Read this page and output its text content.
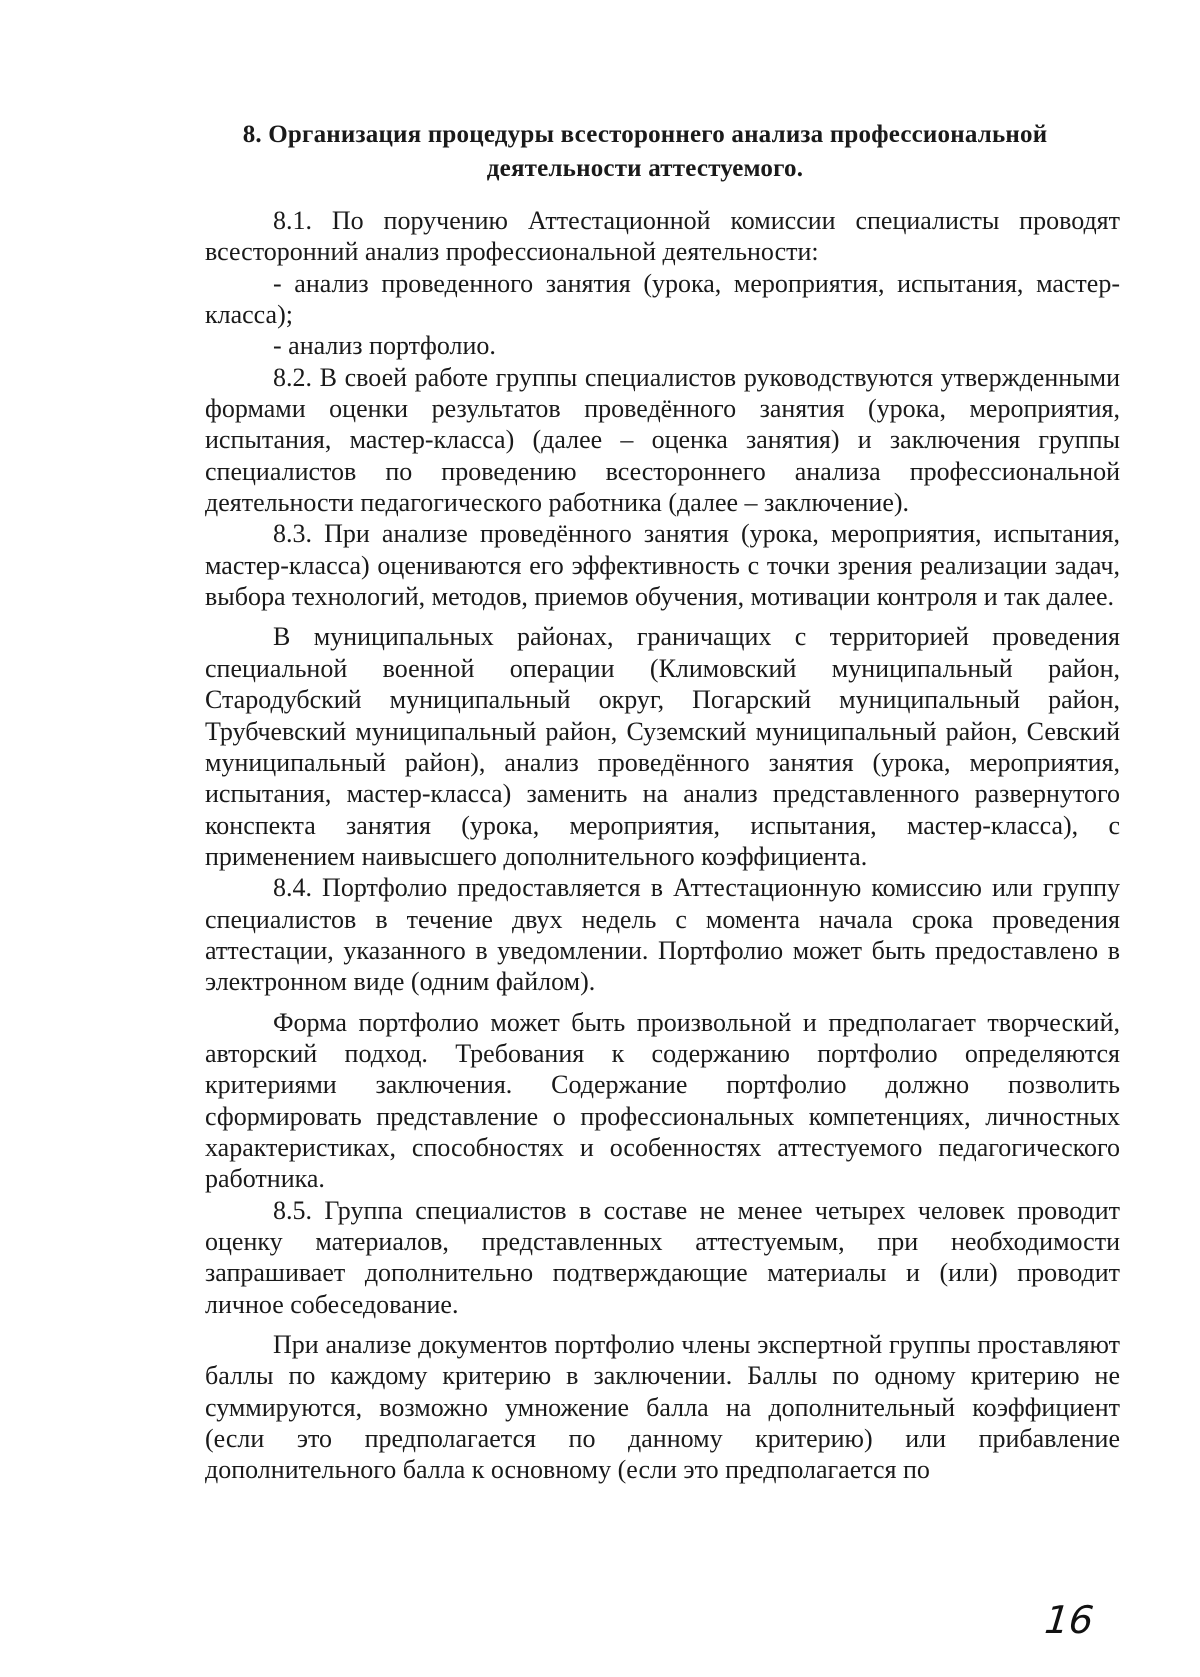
8. Организация процедуры всестороннего анализа профессиональной
деятельности аттестуемого.

8.1. По поручению Аттестационной комиссии специалисты проводят всесторонний анализ профессиональной деятельности:

- анализ проведенного занятия (урока, мероприятия, испытания, мастер-класса);

- анализ портфолио.

8.2. В своей работе группы специалистов руководствуются утвержденными формами оценки результатов проведённого занятия (урока, мероприятия, испытания, мастер-класса) (далее – оценка занятия) и заключения группы специалистов по проведению всестороннего анализа профессиональной деятельности педагогического работника (далее – заключение).

8.3. При анализе проведённого занятия (урока, мероприятия, испытания, мастер-класса) оцениваются его эффективность с точки зрения реализации задач, выбора технологий, методов, приемов обучения, мотивации контроля и так далее.

В муниципальных районах, граничащих с территорией проведения специальной военной операции (Климовский муниципальный район, Стародубский муниципальный округ, Погарский муниципальный район, Трубчевский муниципальный район, Суземский муниципальный район, Севский муниципальный район), анализ проведённого занятия (урока, мероприятия, испытания, мастер-класса) заменить на анализ представленного развернутого конспекта занятия (урока, мероприятия, испытания, мастер-класса), с применением наивысшего дополнительного коэффициента.

8.4. Портфолио предоставляется в Аттестационную комиссию или группу специалистов в течение двух недель с момента начала срока проведения аттестации, указанного в уведомлении. Портфолио может быть предоставлено в электронном виде (одним файлом).

Форма портфолио может быть произвольной и предполагает творческий, авторский подход. Требования к содержанию портфолио определяются критериями заключения. Содержание портфолио должно позволить сформировать представление о профессиональных компетенциях, личностных характеристиках, способностях и особенностях аттестуемого педагогического работника.

8.5. Группа специалистов в составе не менее четырех человек проводит оценку материалов, представленных аттестуемым, при необходимости запрашивает дополнительно подтверждающие материалы и (или) проводит личное собеседование.

При анализе документов портфолио члены экспертной группы проставляют баллы по каждому критерию в заключении. Баллы по одному критерию не суммируются, возможно умножение балла на дополнительный коэффициент (если это предполагается по данному критерию) или прибавление дополнительного балла к основному (если это предполагается по

16
